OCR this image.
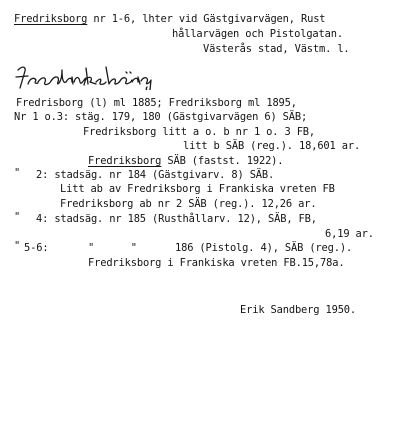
Fredriksborg nr 1-6, lhter vid Gästgivarvägen, Rust
hållarvägen och Pistolgatan.
Västerås stad, Västm. l.
Fredrisborg (l) ml 1885; Fredriksborg ml 1895,
Nr 1 o.3: stäg. 179, 180 (Gästgivarvägen 6) SÄB;
Fredriksborg litt a o. b nr 1 o. 3 FB,
litt b SÄB (reg.). 18,601 ar.
Fredriksborg SÄB (fastst. 1922).
" 2: stadsäg. nr 184 (Gästgivarv. 8) SÄB.
Litt ab av Fredriksborg i Frankiska vreten FB
Fredriksborg ab nr 2 SÄB (reg.). 12,26 ar.
" 4: stadsäg. nr 185 (Rusthållarv. 12), SÄB, FB,
6,19 ar.
" 5-6:	"      "	186 (Pistolg. 4), SÄB (reg.).
Fredriksborg i Frankiska vreten FB.15,78a.
Erik Sandberg 1950.
